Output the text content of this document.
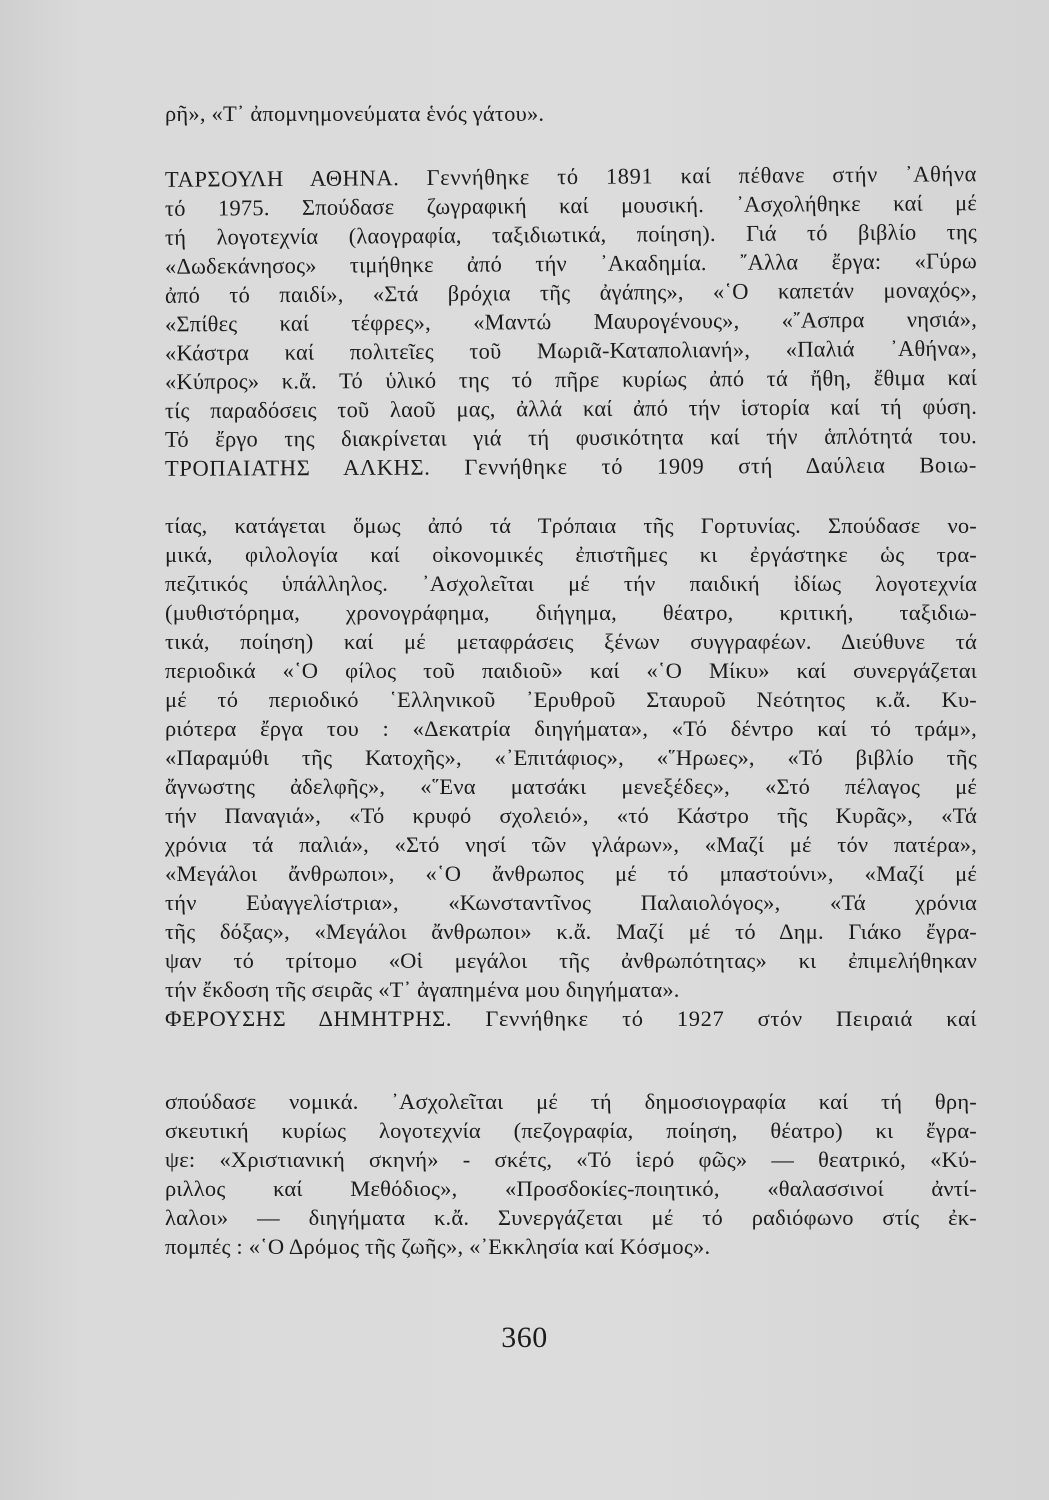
ρῆ», «Τ᾽ ἀπομνημονεύματα ἑνός γάτου».
ΤΑΡΣΟΥΛΗ ΑΘΗΝΑ. Γεννήθηκε τό 1891 καί πέθανε στήν ᾿Αθήνα
τό 1975. Σπούδασε ζωγραφική καί μουσική. ᾿Ασχολήθηκε καί μέ
τή λογοτεχνία (λαογραφία, ταξιδιωτικά, ποίηση). Γιά τό βιβλίο της
«Δωδεκάνησος» τιμήθηκε ἀπό τήν ᾿Ακαδημία. ῎Αλλα ἔργα: «Γύρω
ἀπό τό παιδί», «Στά βρόχια τῆς ἀγάπης», «῾Ο καπετάν μοναχός»,
«Σπίθες καί τέφρες», «Μαντώ Μαυρογένους», «῎Ασπρα νησιά»,
«Κάστρα καί πολιτεῖες τοῦ Μωριᾶ-Καταπολιανή», «Παλιά ᾿Αθήνα»,
«Κύπρος» κ.ἄ. Τό ὑλικό της τό πῆρε κυρίως ἀπό τά ἤθη, ἔθιμα καί
τίς παραδόσεις τοῦ λαοῦ μας, ἀλλά καί ἀπό τήν ἱστορία καί τή φύση.
Τό ἔργο της διακρίνεται γιά τή φυσικότητα καί τήν ἁπλότητά του.
ΤΡΟΠΑΙΑΤΗΣ ΑΛΚΗΣ. Γεννήθηκε τό 1909 στή Δαύλεια Βοιω-
τίας, κατάγεται ὅμως ἀπό τά Τρόπαια τῆς Γορτυνίας. Σπούδασε νο-
μικά, φιλολογία καί οἰκονομικές ἐπιστῆμες κι ἐργάστηκε ὡς τρα-
πεζιτικός ὑπάλληλος. ᾿Ασχολεῖται μέ τήν παιδική ἰδίως λογοτεχνία
(μυθιστόρημα, χρονογράφημα, διήγημα, θέατρο, κριτική, ταξιδιω-
τικά, ποίηση) καί μέ μεταφράσεις ξένων συγγραφέων. Διεύθυνε τά
περιοδικά «῾Ο φίλος τοῦ παιδιοῦ» καί «῾Ο Μίκυ» καί συνεργάζεται
μέ τό περιοδικό ῾Ελληνικοῦ ᾿Ερυθροῦ Σταυροῦ Νεότητος κ.ἄ. Κυ-
ριότερα ἔργα του : «Δεκατρία διηγήματα», «Τό δέντρο καί τό τράμ»,
«Παραμύθι τῆς Κατοχῆς», «᾿Επιτάφιος», «῞Ηρωες», «Τό βιβλίο τῆς
ἄγνωστης ἀδελφῆς», «῞Ενα ματσάκι μενεξέδες», «Στό πέλαγος μέ
τήν Παναγιά», «Τό κρυφό σχολειό», «τό Κάστρο τῆς Κυρᾶς», «Τά
χρόνια τά παλιά», «Στό νησί τῶν γλάρων», «Μαζί μέ τόν πατέρα»,
«Μεγάλοι ἄνθρωποι», «῾Ο ἄνθρωπος μέ τό μπαστούνι», «Μαζί μέ
τήν Εὐαγγελίστρια», «Κωνσταντῖνος Παλαιολόγος», «Τά χρόνια
τῆς δόξας», «Μεγάλοι ἄνθρωποι» κ.ἄ. Μαζί μέ τό Δημ. Γιάκο ἔγρα-
ψαν τό τρίτομο «Οἱ μεγάλοι τῆς ἀνθρωπότητας» κι ἐπιμελήθηκαν
τήν ἔκδοση τῆς σειρᾶς «Τ᾽ ἀγαπημένα μου διηγήματα».
ΦΕΡΟΥΣΗΣ ΔΗΜΗΤΡΗΣ. Γεννήθηκε τό 1927 στόν Πειραιά καί
σπούδασε νομικά. ᾿Ασχολεῖται μέ τή δημοσιογραφία καί τή θρη-
σκευτική κυρίως λογοτεχνία (πεζογραφία, ποίηση, θέατρο) κι ἔγρα-
ψε: «Χριστιανική σκηνή» - σκέτς, «Τό ἱερό φῶς» — θεατρικό, «Κύ-
ριλλος καί Μεθόδιος», «Προσδοκίες-ποιητικό, «θαλασσινοί ἀντί-
λαλοι» — διηγήματα κ.ἄ. Συνεργάζεται μέ τό ραδιόφωνο στίς ἐκ-
πομπές : «῾Ο Δρόμος τῆς ζωῆς», «᾿Εκκλησία καί Κόσμος».
360
